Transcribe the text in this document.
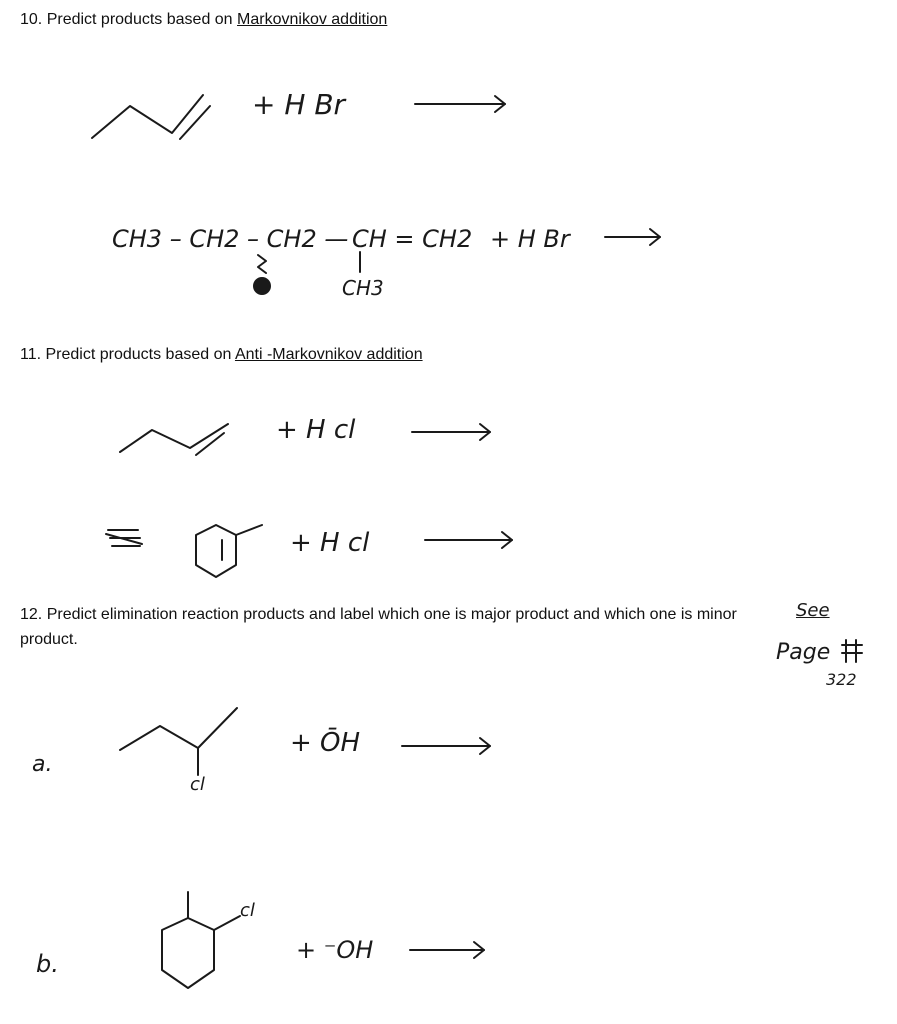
10. Predict products based on Markovnikov addition

+ H Br
CH3 – CH2 – CH2 — CH = CH2 + H Br
CH3

11. Predict products based on Anti -Markovnikov addition

+ H cl
+ H cl

12. Predict elimination reaction products and label which one is major product and which one is minor

product.

See
Page
322
a.
cl
+ ŌH
b.
cl
+ ⁻OH
